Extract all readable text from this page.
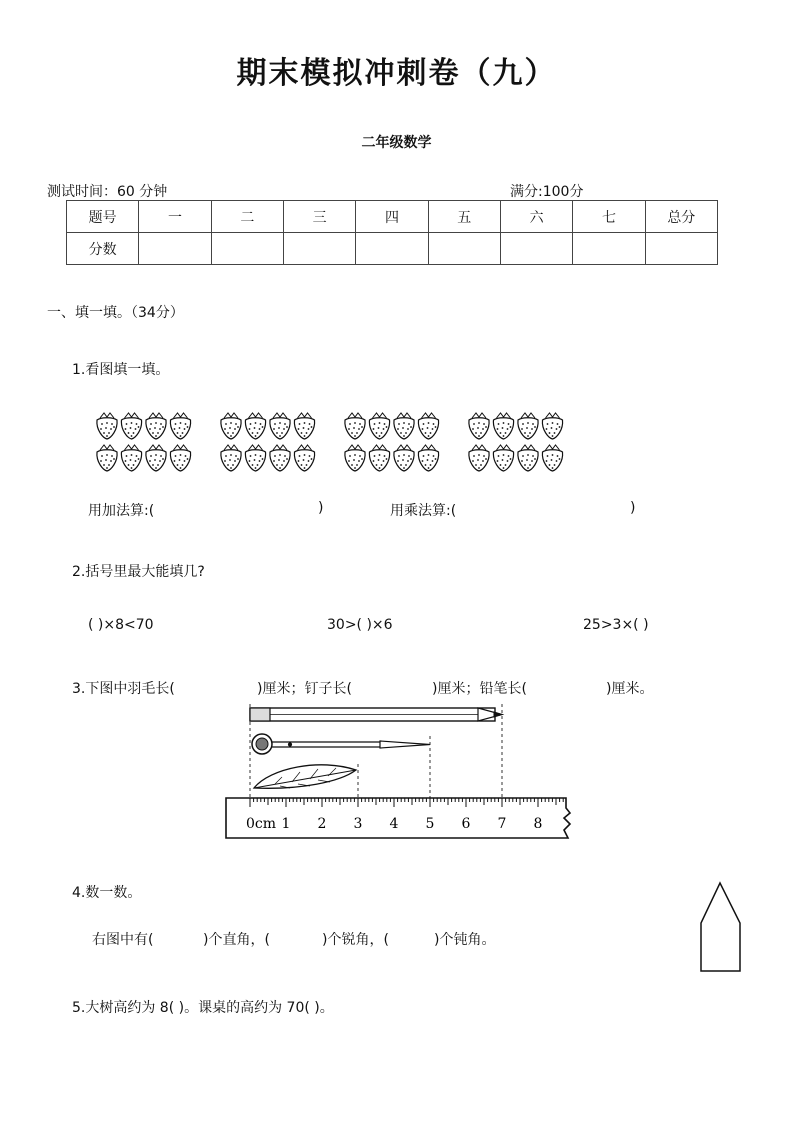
期末模拟冲刺卷（九）
二年级数学
测试时间：60 分钟	满分:100分
题号	一	二	三	四	五	六	七	总分
分数								
一、填一填。（34分）
1.看图填一填。
用加法算:(	)	用乘法算:(	)
2.括号里最大能填几?
( )×8<70	30>( )×6	25>3×( )
3.下图中羽毛长(	)厘米；钉子长(	)厘米；铅笔长(	)厘米。
0cm 1 2 3 4 5 6 7 8
4.数一数。
右图中有(	)个直角，(	)个锐角，(	)个钝角。
5.大树高约为 8( )。课桌的高约为 70( )。
